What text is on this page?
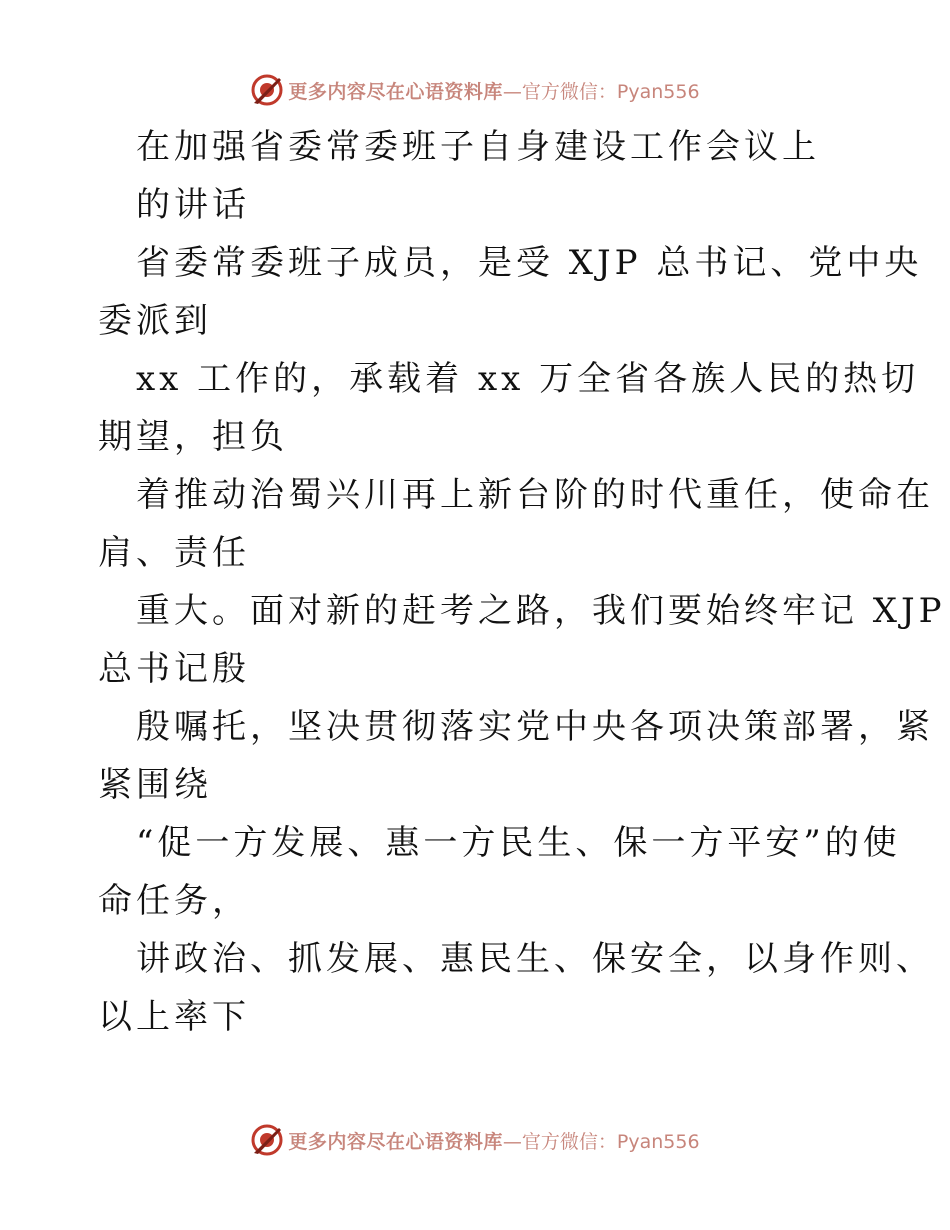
更多内容尽在心语资料库 —官方微信：Pyan556
在加强省委常委班子自身建设工作会议上
的讲话
省委常委班子成员，是受 XJP 总书记、党中央
委派到
xx 工作的，承载着 xx 万全省各族人民的热切
期望，担负
着推动治蜀兴川再上新台阶的时代重任，使命在
肩、责任
重大。面对新的赶考之路，我们要始终牢记 XJP
总书记殷
殷嘱托，坚决贯彻落实党中央各项决策部署，紧
紧围绕
“促一方发展、惠一方民生、保一方平安”的使
命任务，
讲政治、抓发展、惠民生、保安全，以身作则、
以上率下
更多内容尽在心语资料库 —官方微信：Pyan556
